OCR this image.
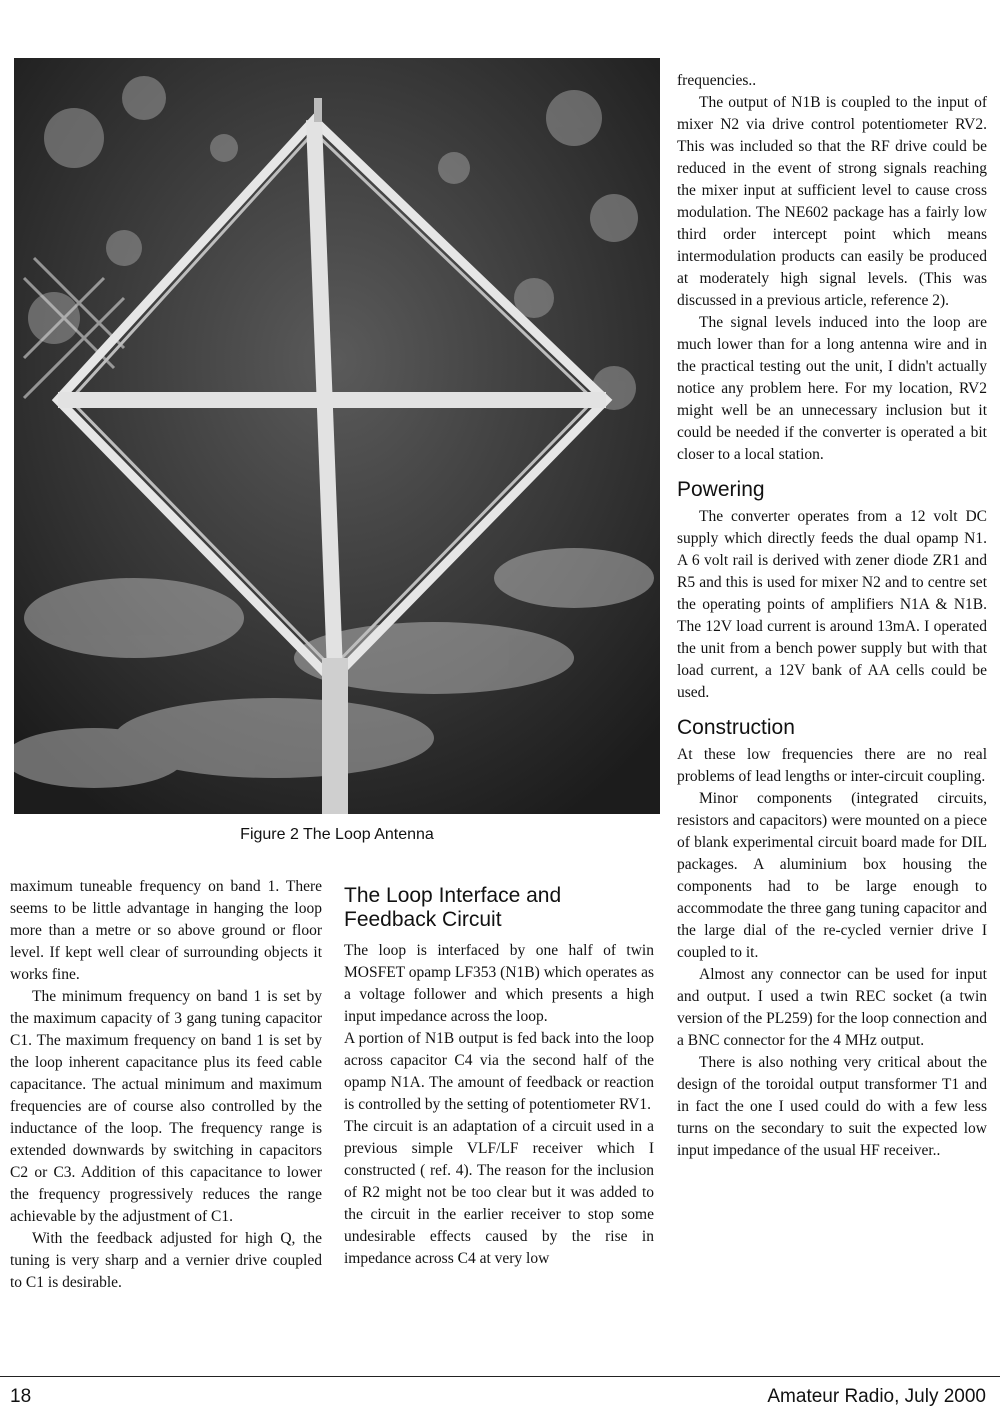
Figure 2 The Loop Antenna

maximum tuneable frequency on band 1. There seems to be little advantage in hanging the loop more than a metre or so above ground or floor level. If kept well clear of surrounding objects it works fine.

The minimum frequency on band 1 is set by the maximum capacity of 3 gang tuning capacitor C1. The maximum frequency on band 1 is set by the loop inherent capacitance plus its feed cable capacitance. The actual minimum and maximum frequencies are of course also controlled by the inductance of the loop. The frequency range is extended downwards by switching in capacitors C2 or C3. Addition of this capacitance to lower the frequency progressively reduces the range achievable by the adjustment of C1.

With the feedback adjusted for high Q, the tuning is very sharp and a vernier drive coupled to C1 is desirable.

The Loop Interface and Feedback Circuit

The loop is interfaced by one half of twin MOSFET opamp LF353 (N1B) which operates as a voltage follower and which presents a high input impedance across the loop.

A portion of N1B output is fed back into the loop across capacitor C4 via the second half of the opamp N1A. The amount of feedback or reaction is controlled by the setting of potentiometer RV1.

The circuit is an adaptation of a circuit used in a previous simple VLF/LF receiver which I constructed ( ref. 4). The reason for the inclusion of R2 might not be too clear but it was added to the circuit in the earlier receiver to stop some undesirable effects caused by the rise in impedance across C4 at very low

frequencies..

The output of N1B is coupled to the input of mixer N2 via drive control potentiometer RV2. This was included so that the RF drive could be reduced in the event of strong signals reaching the mixer input at sufficient level to cause cross modulation. The NE602 package has a fairly low third order intercept point which means intermodulation products can easily be produced at moderately high signal levels. (This was discussed in a previous article, reference 2).

The signal levels induced into the loop are much lower than for a long antenna wire and in the practical testing out the unit, I didn't actually notice any problem here. For my location, RV2 might well be an unnecessary inclusion but it could be needed if the converter is operated a bit closer to a local station.

Powering

The converter operates from a 12 volt DC supply which directly feeds the dual opamp N1. A 6 volt rail is derived with zener diode ZR1 and R5 and this is used for mixer N2 and to centre set the operating points of amplifiers N1A & N1B. The 12V load current is around 13mA. I operated the unit from a bench power supply but with that load current, a 12V bank of AA cells could be used.

Construction

At these low frequencies there are no real problems of lead lengths or inter-circuit coupling.

Minor components (integrated circuits, resistors and capacitors) were mounted on a piece of blank experimental circuit board made for DIL packages. A aluminium box housing the components had to be large enough to accommodate the three gang tuning capacitor and the large dial of the re-cycled vernier drive I coupled to it.

Almost any connector can be used for input and output. I used a twin REC socket (a twin version of the PL259) for the loop connection and a BNC connector for the 4 MHz output.

There is also nothing very critical about the design of the toroidal output transformer T1 and in fact the one I used could do with a few less turns on the secondary to suit the expected low input impedance of the usual HF receiver..

18	Amateur Radio, July 2000
